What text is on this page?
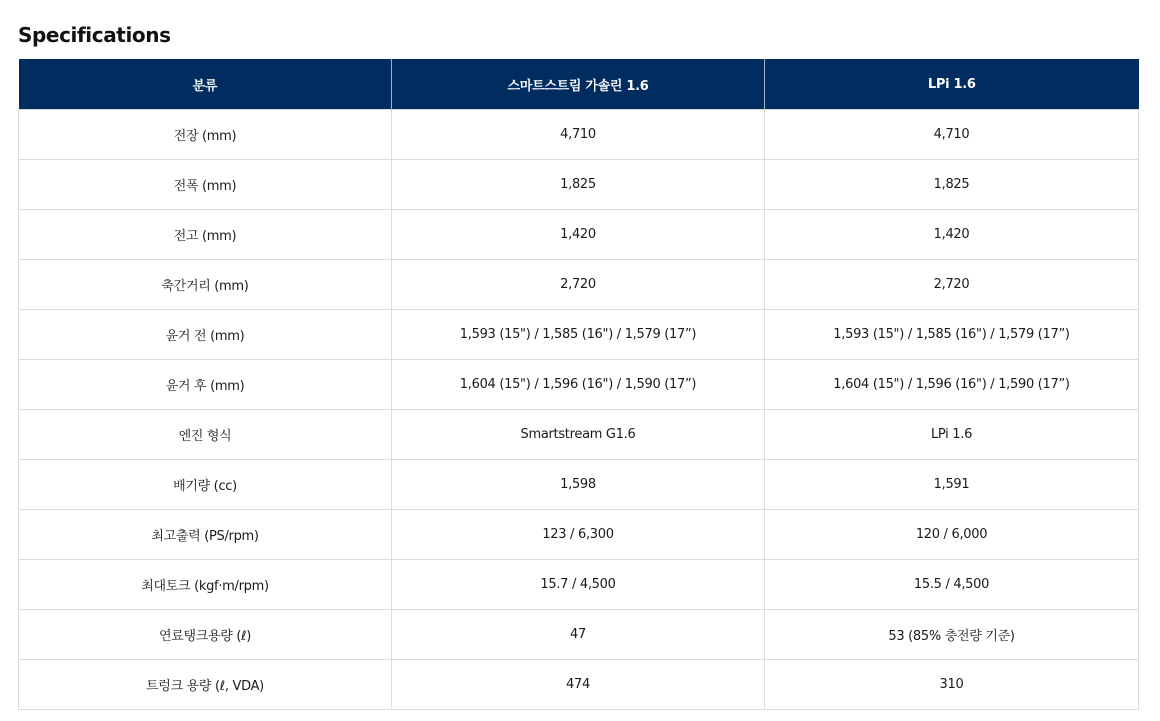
Specifications
분류	스마트스트림 가솔린 1.6	LPi 1.6
전장 (mm)	4,710	4,710
전폭 (mm)	1,825	1,825
전고 (mm)	1,420	1,420
축간거리 (mm)	2,720	2,720
윤거 전 (mm)	1,593 (15") / 1,585 (16") / 1,579 (17”)	1,593 (15") / 1,585 (16") / 1,579 (17”)
윤거 후 (mm)	1,604 (15") / 1,596 (16") / 1,590 (17”)	1,604 (15") / 1,596 (16") / 1,590 (17”)
엔진 형식	Smartstream G1.6	LPi 1.6
배기량 (cc)	1,598	1,591
최고출력 (PS/rpm)	123 / 6,300	120 / 6,000
최대토크 (kgf·m/rpm)	15.7 / 4,500	15.5 / 4,500
연료탱크용량 (ℓ)	47	53 (85% 충전량 기준)
트렁크 용량 (ℓ, VDA)	474	310
